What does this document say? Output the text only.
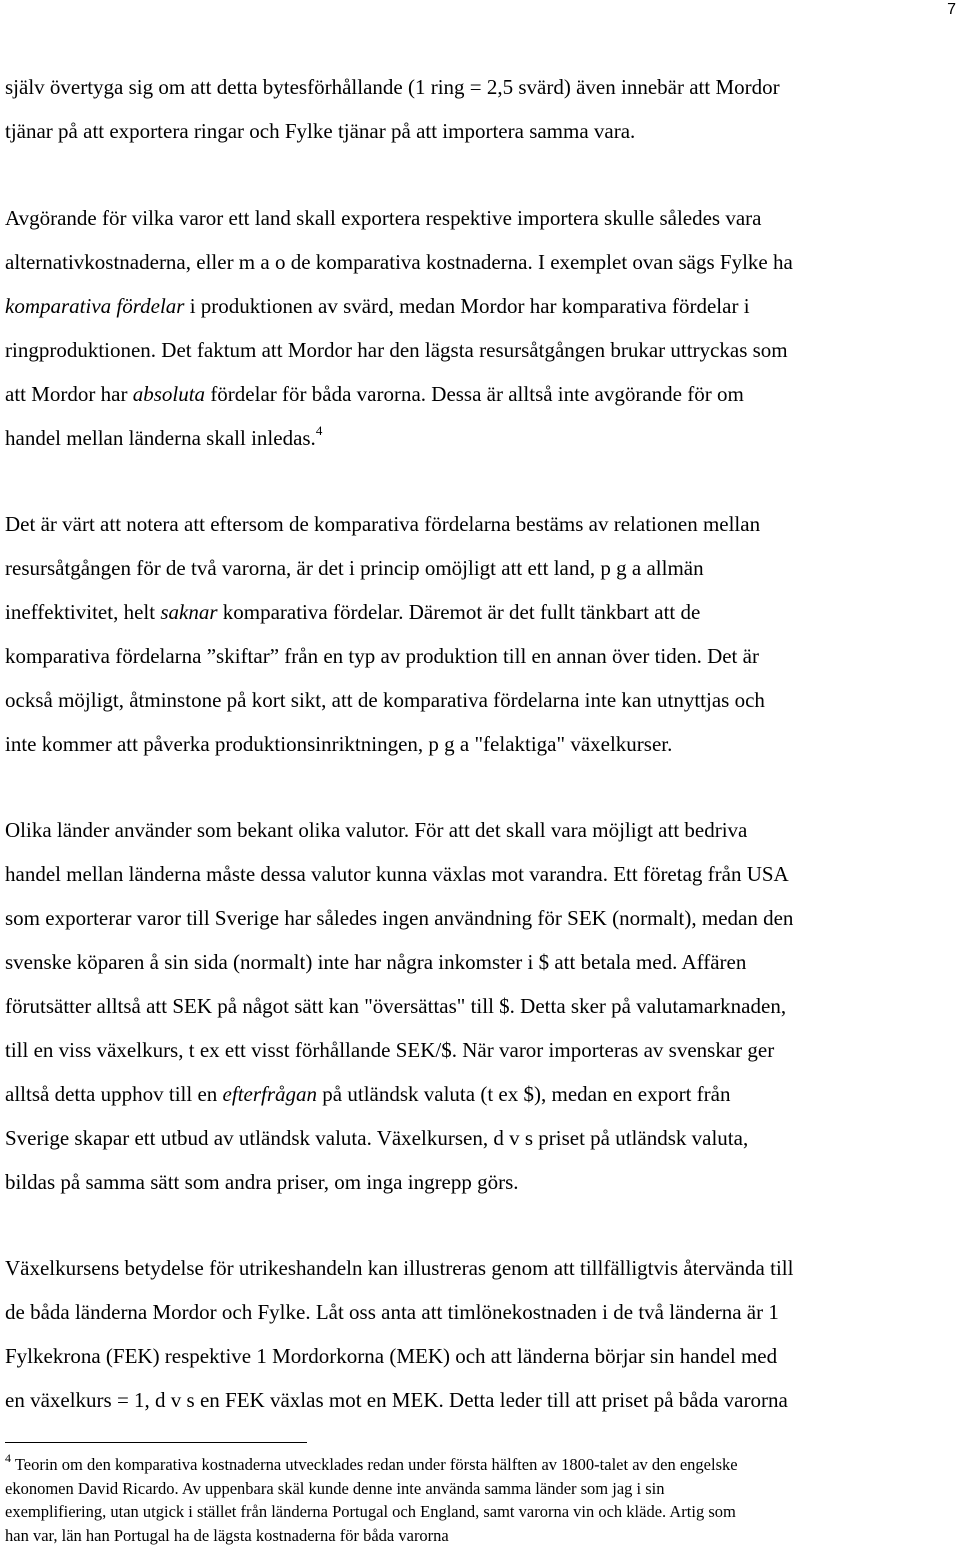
7
själv övertyga sig om att detta bytesförhållande (1 ring = 2,5 svärd) även innebär att Mordor
tjänar på att exportera ringar och Fylke tjänar på att importera samma vara.
Avgörande för vilka varor ett land skall exportera respektive importera skulle således vara
alternativkostnaderna, eller m a o de komparativa kostnaderna. I exemplet ovan sägs Fylke ha
komparativa fördelar i produktionen av svärd, medan Mordor har komparativa fördelar i
ringproduktionen. Det faktum att Mordor har den lägsta resursåtgången brukar uttryckas som
att Mordor har absoluta fördelar för båda varorna. Dessa är alltså inte avgörande för om
handel mellan länderna skall inledas.$^4$
Det är värt att notera att eftersom de komparativa fördelarna bestäms av relationen mellan
resursåtgången för de två varorna, är det i princip omöjligt att ett land, p g a allmän
ineffektivitet, helt saknar komparativa fördelar. Däremot är det fullt tänkbart att de
komparativa fördelarna ”skiftar” från en typ av produktion till en annan över tiden. Det är
också möjligt, åtminstone på kort sikt, att de komparativa fördelarna inte kan utnyttjas och
inte kommer att påverka produktionsinriktningen, p g a "felaktiga" växelkurser.
Olika länder använder som bekant olika valutor. För att det skall vara möjligt att bedriva
handel mellan länderna måste dessa valutor kunna växlas mot varandra. Ett företag från USA
som exporterar varor till Sverige har således ingen användning för SEK (normalt), medan den
svenske köparen å sin sida (normalt) inte har några inkomster i $ att betala med. Affären
förutsätter alltså att SEK på något sätt kan "översättas" till $. Detta sker på valutamarknaden,
till en viss växelkurs, t ex ett visst förhållande SEK/$. När varor importeras av svenskar ger
alltså detta upphov till en efterfrågan på utländsk valuta (t ex $), medan en export från
Sverige skapar ett utbud av utländsk valuta. Växelkursen, d v s priset på utländsk valuta,
bildas på samma sätt som andra priser, om inga ingrepp görs.
Växelkursens betydelse för utrikeshandeln kan illustreras genom att tillfälligtvis återvända till
de båda länderna Mordor och Fylke. Låt oss anta att timlönekostnaden i de två länderna är 1
Fylkekrona (FEK) respektive 1 Mordorkorna (MEK) och att länderna börjar sin handel med
en växelkurs = 1, d v s en FEK växlas mot en MEK. Detta leder till att priset på båda varorna
$^4$ Teorin om den komparativa kostnaderna utvecklades redan under första hälften av 1800-talet av den engelske
ekonomen David Ricardo. Av uppenbara skäl kunde denne inte använda samma länder som jag i sin
exemplifiering, utan utgick i stället från länderna Portugal och England, samt varorna vin och kläde. Artig som
han var, län han Portugal ha de lägsta kostnaderna för båda varorna
